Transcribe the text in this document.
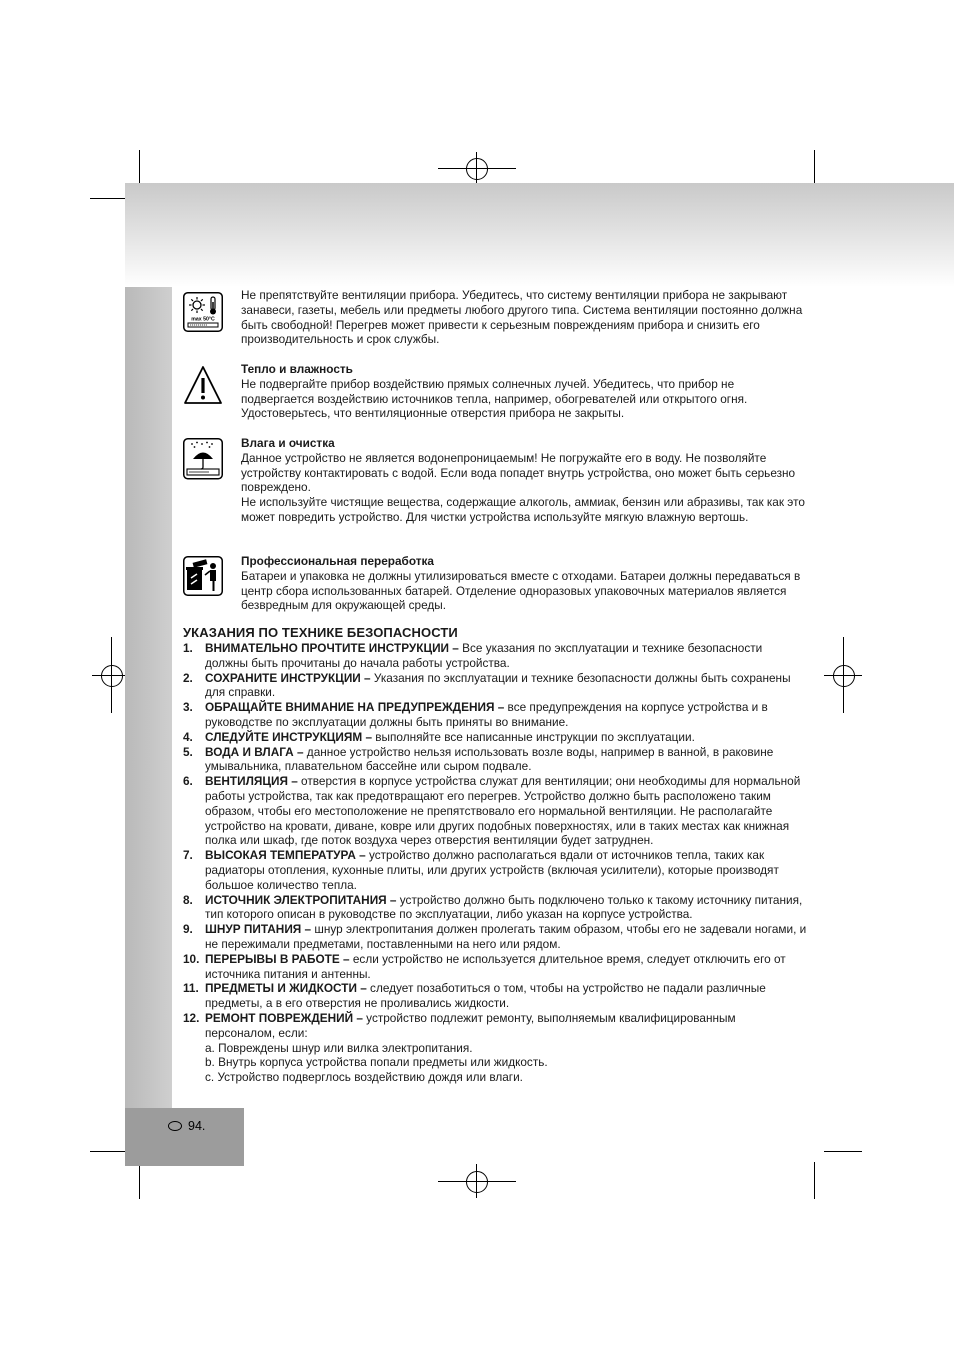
94.
max 50°C

Не препятствуйте вентиляции прибора. Убедитесь, что систему вентиляции прибора не закрывают занавеси, газеты, мебель или предметы любого другого типа. Система вентиляции постоянно должна быть свободной! Перегрев может привести к серьезным повреждениям прибора и снизить его производительность и срок службы.

Тепло и влажность

Не подвергайте прибор воздействию прямых солнечных лучей. Убедитесь, что прибор не подвергается воздействию источников тепла, например, обогревателей или открытого огня. Удостоверьтесь, что вентиляционные отверстия прибора не закрыты.

Влага и очистка

Данное устройство не является водонепроницаемым! Не погружайте его в воду. Не позволяйте устройству контактировать с водой. Если вода попадет внутрь устройства, оно может быть серьезно повреждено.

Не используйте чистящие вещества, содержащие алкоголь, аммиак, бензин или абразивы, так как это может повредить устройство. Для чистки устройства используйте мягкую влажную вертошь.

Профессиональная переработка

Батареи и упаковка не должны утилизироваться вместе с отходами. Батареи должны передаваться в центр сбора использованных батарей. Отделение одноразовых упаковочных материалов является безвредным для окружающей среды.

УКАЗАНИЯ ПО ТЕХНИКЕ БЕЗОПАСНОСТИ
1.	ВНИМАТЕЛЬНО ПРОЧТИТЕ ИНСТРУКЦИИ – Все указания по эксплуатации и технике безопасности должны быть прочитаны до начала работы устройства.
2.	СОХРАНИТЕ ИНСТРУКЦИИ – Указания по эксплуатации и технике безопасности должны быть сохранены для справки.
3.	ОБРАЩАЙТЕ ВНИМАНИЕ НА ПРЕДУПРЕЖДЕНИЯ – все предупреждения на корпусе устройства и в руководстве по эксплуатации должны быть приняты во внимание.
4.	СЛЕДУЙТЕ ИНСТРУКЦИЯМ – выполняйте все написанные инструкции по эксплуатации.
5.	ВОДА И ВЛАГА – данное устройство нельзя использовать возле воды, например в ванной, в раковине умывальника, плавательном бассейне или сыром подвале.
6.	ВЕНТИЛЯЦИЯ – отверстия в корпусе устройства служат для вентиляции; они необходимы для нормальной работы устройства, так как предотвращают его перегрев. Устройство должно быть расположено таким образом, чтобы его местоположение не препятствовало его нормальной вентиляции. Не располагайте устройство на кровати, диване, ковре или других подобных поверхностях, или в таких местах как книжная полка или шкаф, где поток воздуха через отверстия вентиляции будет затруднен.
7.	ВЫСОКАЯ ТЕМПЕРАТУРА – устройство должно располагаться вдали от источников тепла, таких как радиаторы отопления, кухонные плиты, или других устройств (включая усилители), которые производят большое количество тепла.
8.	ИСТОЧНИК ЭЛЕКТРОПИТАНИЯ – устройство должно быть подключено только к такому источнику питания, тип которого описан в руководстве по эксплуатации, либо указан на корпусе устройства.
9.	ШНУР ПИТАНИЯ – шнур электропитания должен пролегать таким образом, чтобы его не задевали ногами, и не пережимали предметами, поставленными на него или рядом.
10. ПЕРЕРЫВЫ В РАБОТЕ – если устройство не используется длительное время, следует отключить его от источника питания и антенны.
11. ПРЕДМЕТЫ И ЖИДКОСТИ – следует позаботиться о том, чтобы на устройство не падали различные предметы, а в его отверстия не проливались жидкости.
12. РЕМОНТ ПОВРЕЖДЕНИЙ – устройство подлежит ремонту, выполняемым квалифицированным персоналом, если:
a. Повреждены шнур или вилка электропитания.
b. Внутрь корпуса устройства попали предметы или жидкость.
c. Устройство подверглось воздействию дождя или влаги.
